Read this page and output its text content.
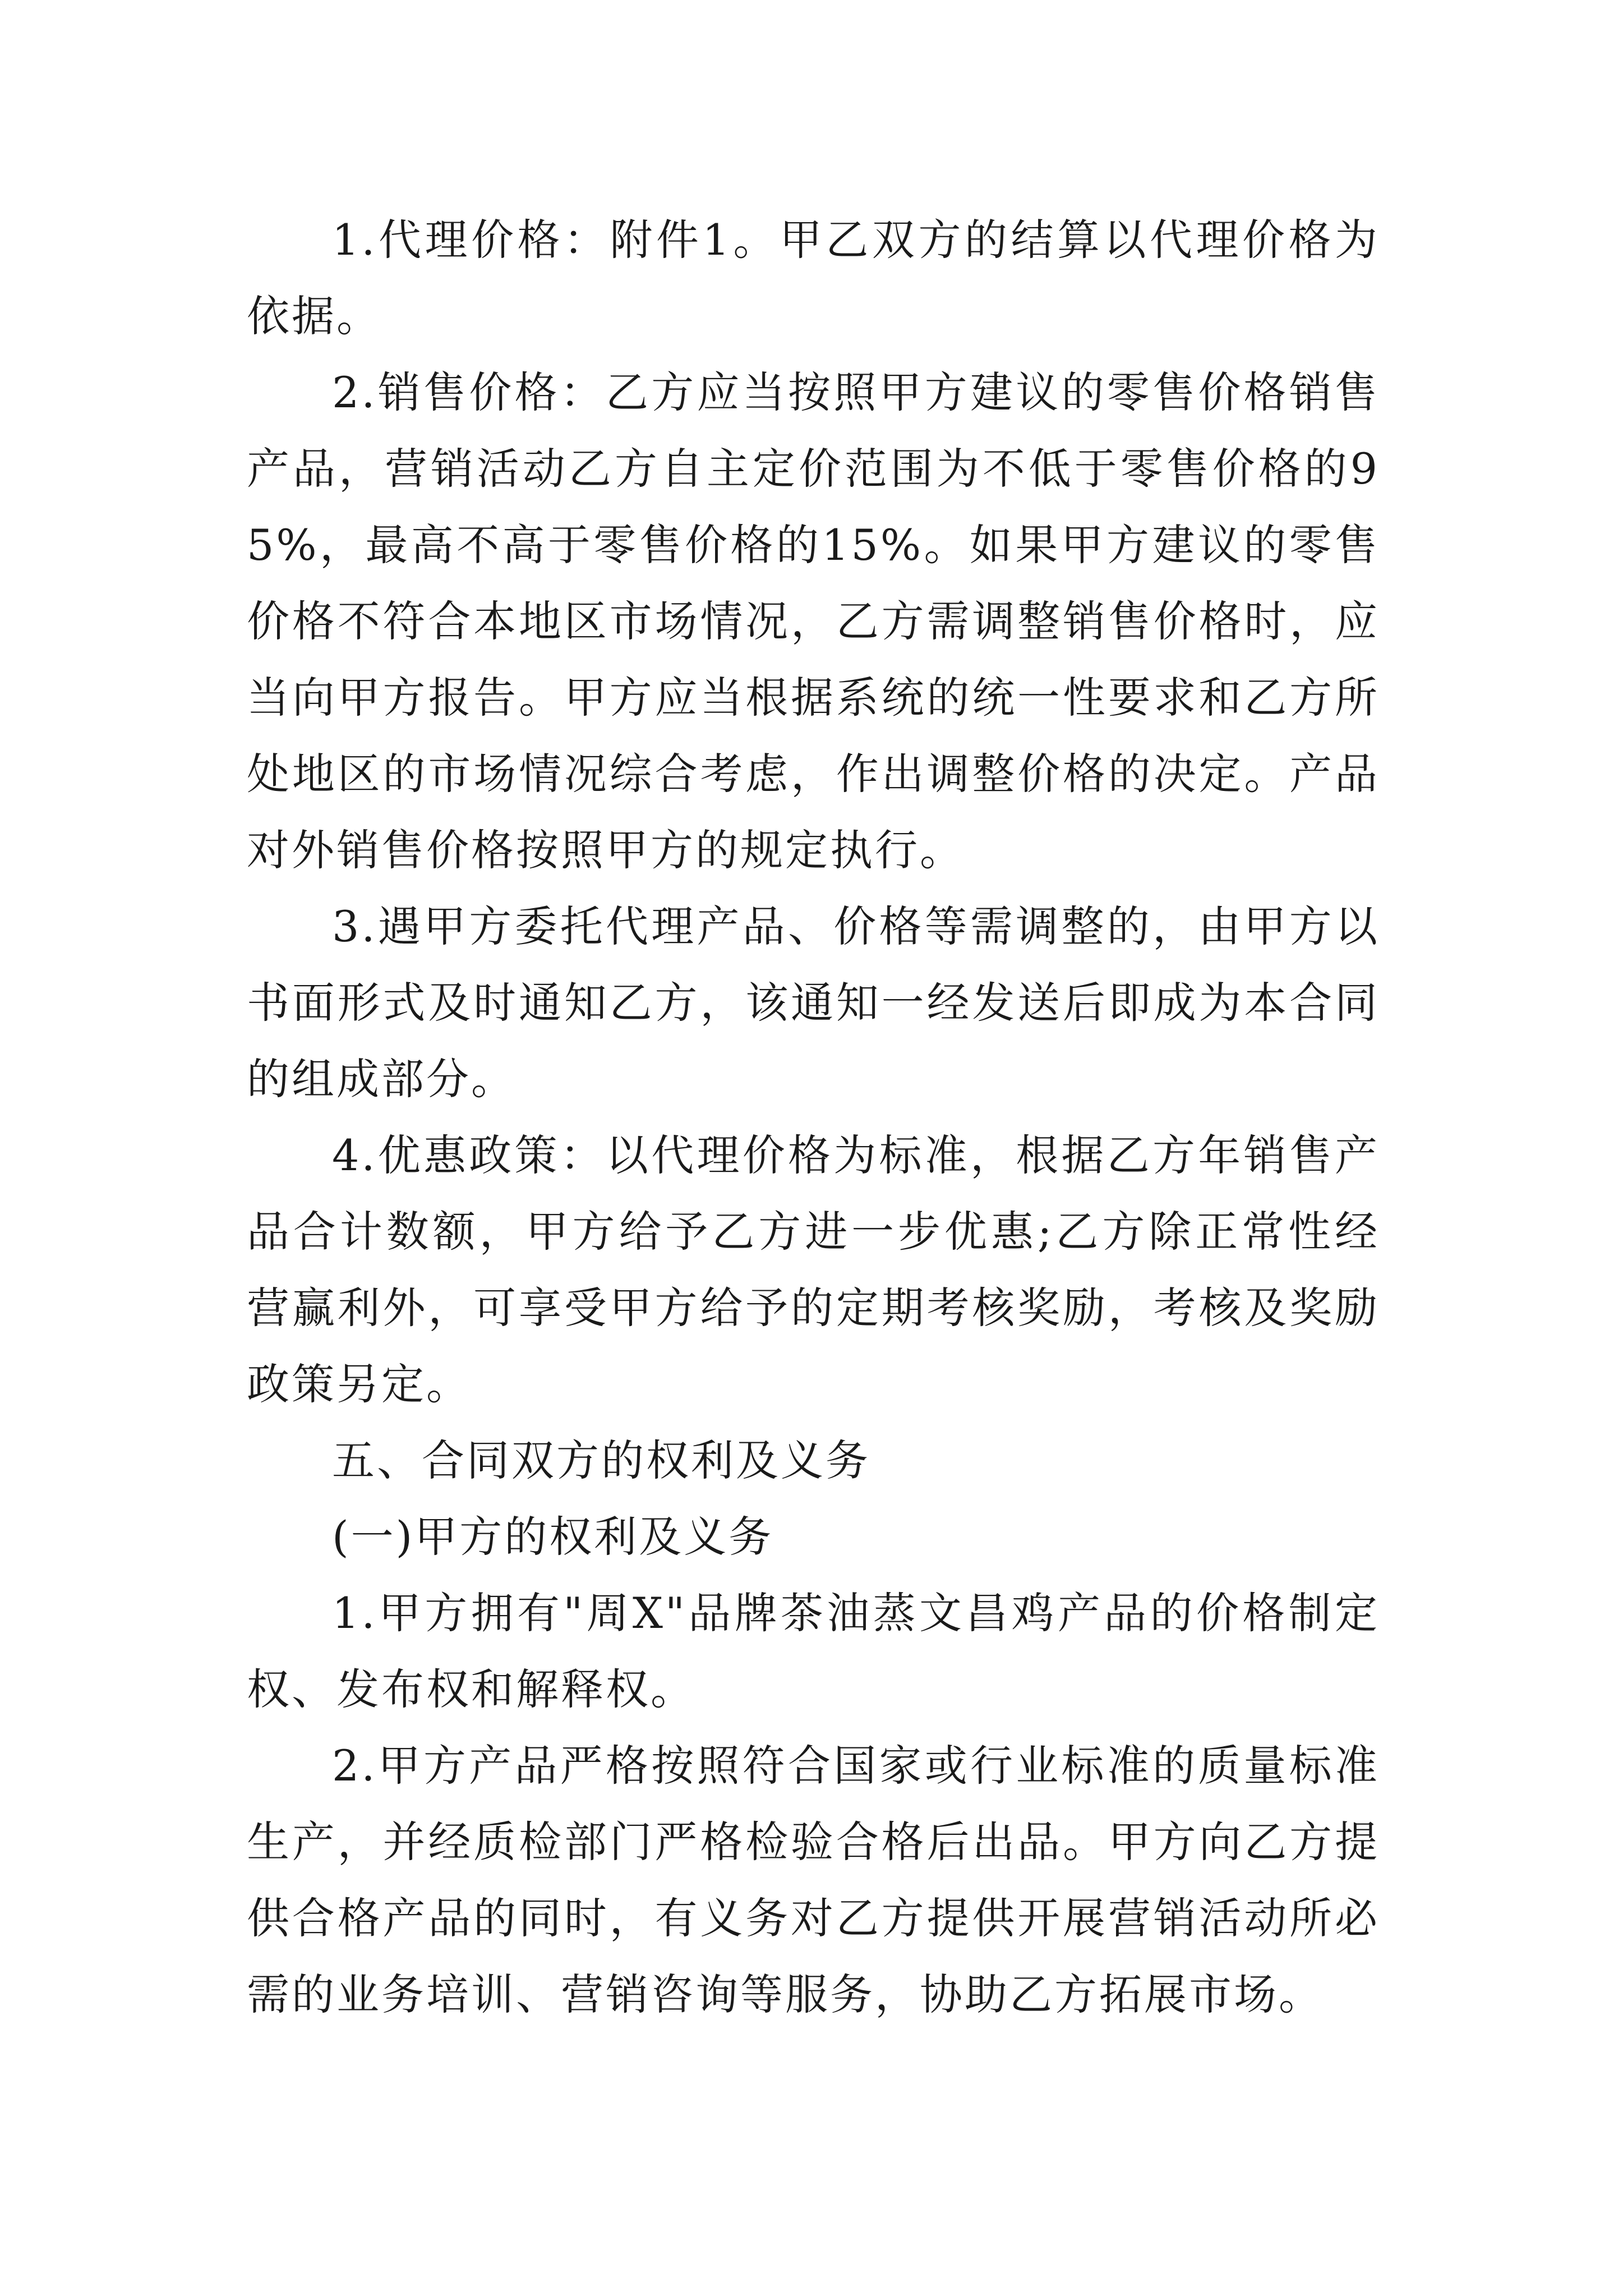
1.代理价格：附件1。甲乙双方的结算以代理价格为依据。

2.销售价格：乙方应当按照甲方建议的零售价格销售产品，营销活动乙方自主定价范围为不低于零售价格的95%，最高不高于零售价格的15%。如果甲方建议的零售价格不符合本地区市场情况，乙方需调整销售价格时，应当向甲方报告。甲方应当根据系统的统一性要求和乙方所处地区的市场情况综合考虑，作出调整价格的决定。产品对外销售价格按照甲方的规定执行。

3.遇甲方委托代理产品、价格等需调整的，由甲方以书面形式及时通知乙方，该通知一经发送后即成为本合同的组成部分。

4.优惠政策：以代理价格为标准，根据乙方年销售产品合计数额，甲方给予乙方进一步优惠;乙方除正常性经营赢利外，可享受甲方给予的定期考核奖励，考核及奖励政策另定。

五、合同双方的权利及义务

(一)甲方的权利及义务

1.甲方拥有"周X"品牌茶油蒸文昌鸡产品的价格制定权、发布权和解释权。

2.甲方产品严格按照符合国家或行业标准的质量标准生产，并经质检部门严格检验合格后出品。甲方向乙方提供合格产品的同时，有义务对乙方提供开展营销活动所必需的业务培训、营销咨询等服务，协助乙方拓展市场。
